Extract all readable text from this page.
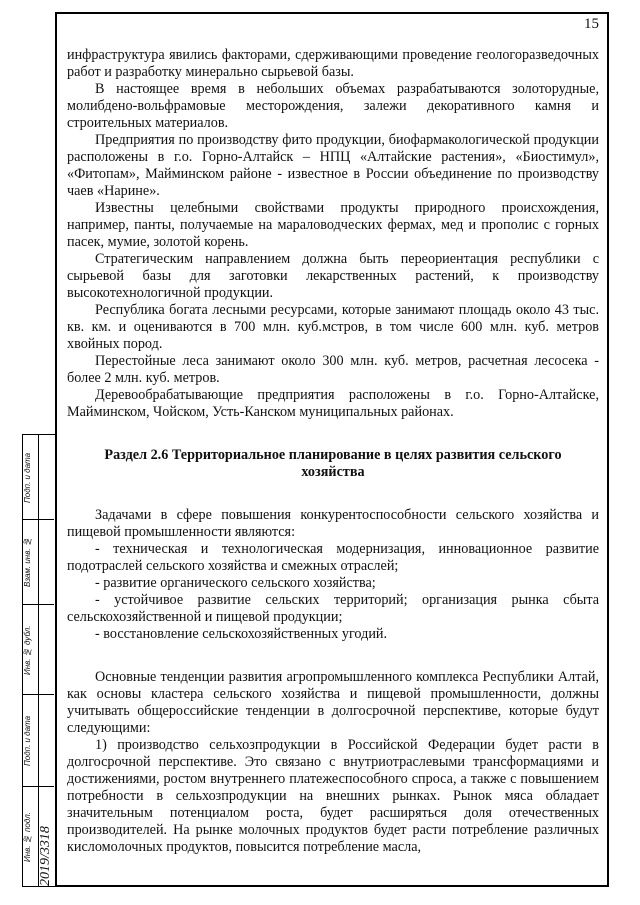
15

инфраструктура явились факторами, сдерживающими проведение геологоразведочных работ и разработку минерально сырьевой базы.

В настоящее время в небольших объемах разрабатываются золоторудные, молибдено-вольфрамовые месторождения, залежи декоративного камня и строительных материалов.

Предприятия по производству фито продукции, биофармакологической продукции расположены в г.о. Горно-Алтайск – НПЦ «Алтайские растения», «Биостимул», «Фитопам», Майминском районе - известное в России объединение по производству чаев «Нарине».

Известны целебными свойствами продукты природного происхождения, например, панты, получаемые на мараловодческих фермах, мед и прополис с горных пасек, мумие, золотой корень.

Стратегическим направлением должна быть переориентация республики с сырьевой базы для заготовки лекарственных растений, к производству высокотехнологичной продукции.

Республика богата лесными ресурсами, которые занимают площадь около 43 тыс. кв. км. и оцениваются в 700 млн. куб.мстров, в том числе 600 млн. куб. метров хвойных пород.

Перестойные леса занимают около 300 млн. куб. метров, расчетная лесосека - более 2 млн. куб. метров.

Деревообрабатывающие предприятия расположены в г.о. Горно-Алтайске, Майминском, Чойском, Усть-Канском муниципальных районах.

Раздел 2.6 Территориальное планирование в целях развития сельского хозяйства

Задачами в сфере повышения конкурентоспособности сельского хозяйства и пищевой промышленности являются:

- техническая и технологическая модернизация, инновационное развитие подотраслей сельского хозяйства и смежных отраслей;

- развитие органического сельского хозяйства;

- устойчивое развитие сельских территорий; организация рынка сбыта сельскохозяйственной и пищевой продукции;

- восстановление сельскохозяйственных угодий.

Основные тенденции развития агропромышленного комплекса Республики Алтай, как основы кластера сельского хозяйства и пищевой промышленности, должны учитывать общероссийские тенденции в долгосрочной перспективе, которые будут следующими:

1) производство сельхозпродукции в Российской Федерации будет расти в долгосрочной перспективе. Это связано с внутриотраслевыми трансформациями и достижениями, ростом внутреннего платежеспособного спроса, а также с повышением потребности в сельхозпродукции на внешних рынках. Рынок мяса обладает значительным потенциалом роста, будет расширяться доля отечественных производителей. На рынке молочных продуктов будет расти потребление различных кисломолочных продуктов, повысится потребление масла,

Подп. и дата
Взам. инв. №
Инв. № дубл.
Подп. и дата
Инв. № подл. 2019/3318
